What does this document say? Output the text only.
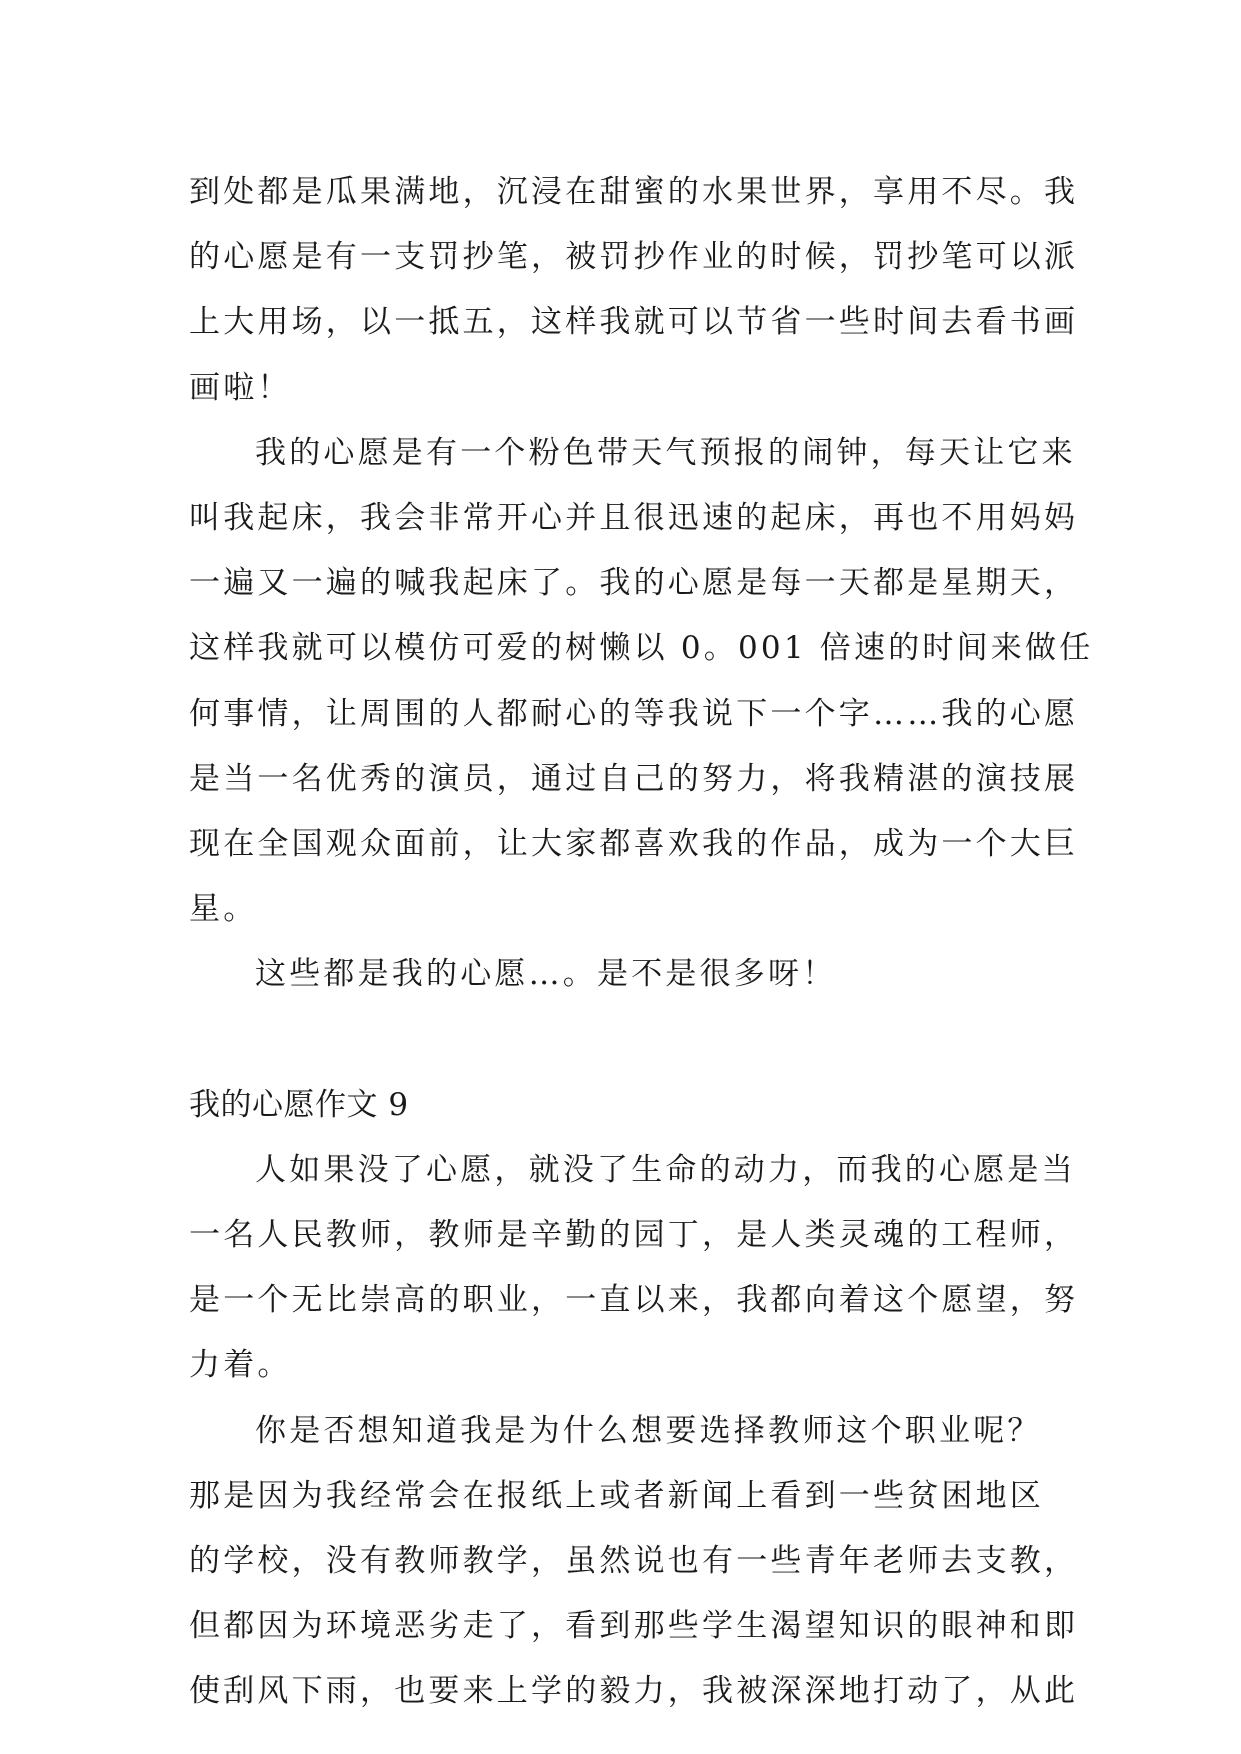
到处都是瓜果满地，沉浸在甜蜜的水果世界，享用不尽。我
的心愿是有一支罚抄笔，被罚抄作业的时候，罚抄笔可以派
上大用场，以一抵五，这样我就可以节省一些时间去看书画
画啦！
我的心愿是有一个粉色带天气预报的闹钟，每天让它来
叫我起床，我会非常开心并且很迅速的起床，再也不用妈妈
一遍又一遍的喊我起床了。我的心愿是每一天都是星期天，
这样我就可以模仿可爱的树懒以 0。001 倍速的时间来做任
何事情，让周围的人都耐心的等我说下一个字……我的心愿
是当一名优秀的演员，通过自己的努力，将我精湛的演技展
现在全国观众面前，让大家都喜欢我的作品，成为一个大巨
星。
这些都是我的心愿…。是不是很多呀！
我的心愿作文 9
人如果没了心愿，就没了生命的动力，而我的心愿是当
一名人民教师，教师是辛勤的园丁，是人类灵魂的工程师，
是一个无比崇高的职业，一直以来，我都向着这个愿望，努
力着。
你是否想知道我是为什么想要选择教师这个职业呢？
那是因为我经常会在报纸上或者新闻上看到一些贫困地区
的学校，没有教师教学，虽然说也有一些青年老师去支教，
但都因为环境恶劣走了，看到那些学生渴望知识的眼神和即
使刮风下雨，也要来上学的毅力，我被深深地打动了，从此
